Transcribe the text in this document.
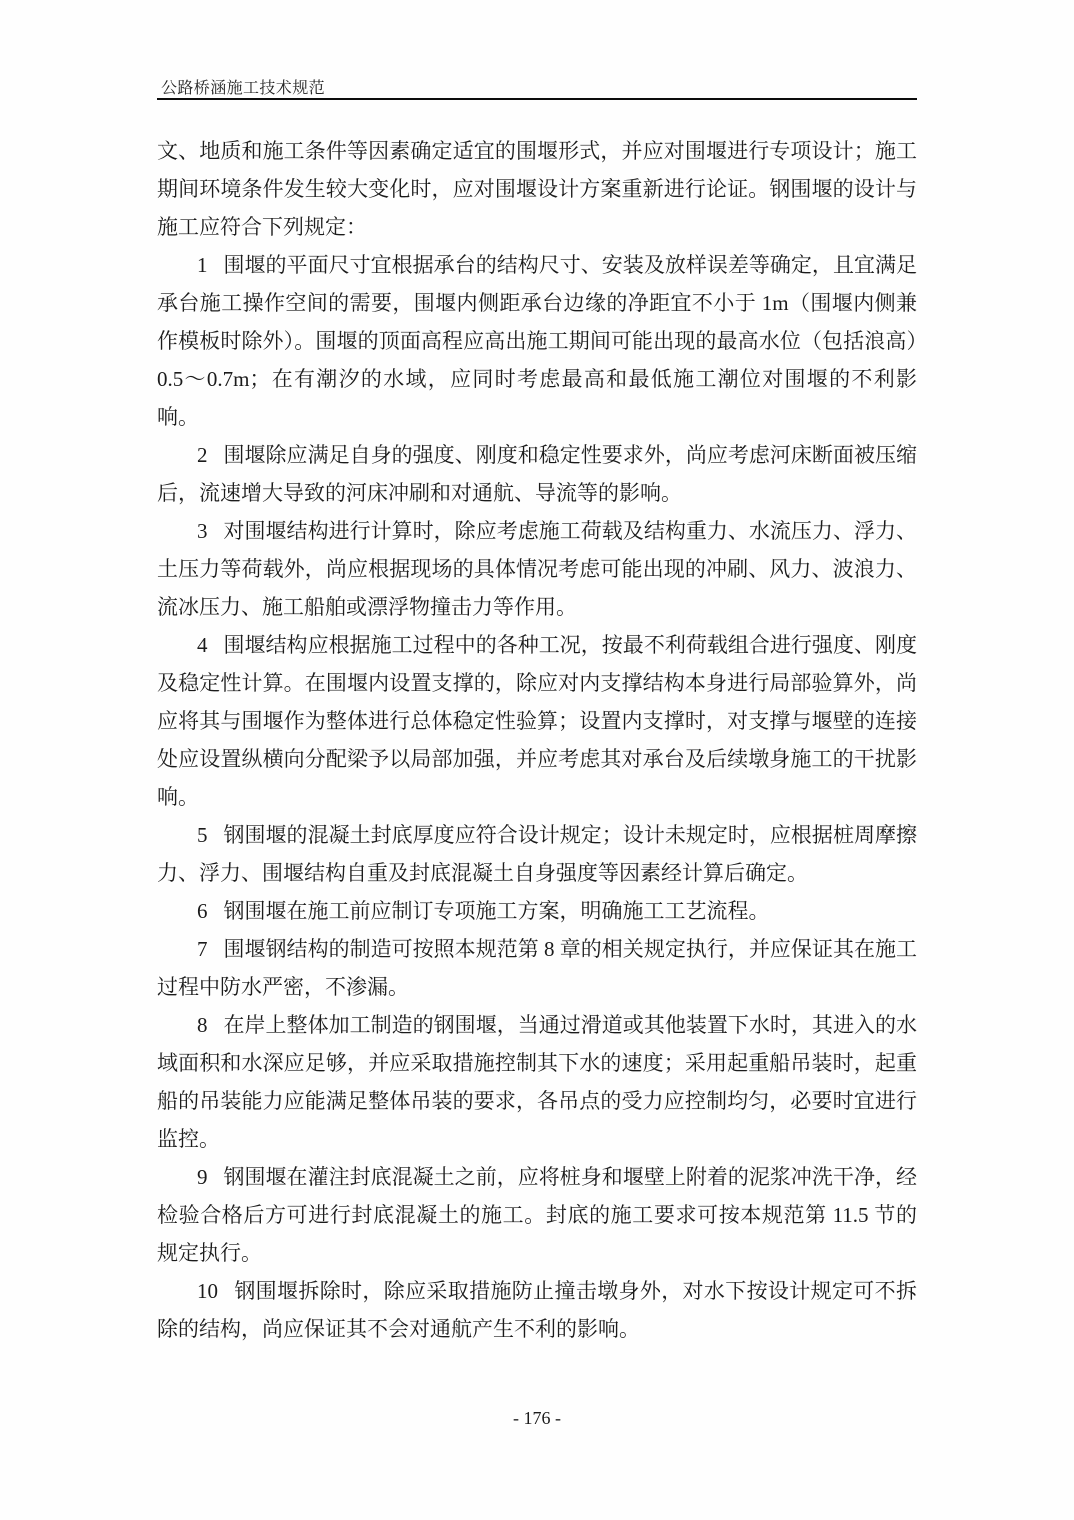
公路桥涵施工技术规范

文、地质和施工条件等因素确定适宜的围堰形式，并应对围堰进行专项设计；施工期间环境条件发生较大变化时，应对围堰设计方案重新进行论证。钢围堰的设计与施工应符合下列规定：

1 围堰的平面尺寸宜根据承台的结构尺寸、安装及放样误差等确定，且宜满足承台施工操作空间的需要，围堰内侧距承台边缘的净距宜不小于 1m（围堰内侧兼作模板时除外）。围堰的顶面高程应高出施工期间可能出现的最高水位（包括浪高）0.5～0.7m；在有潮汐的水域，应同时考虑最高和最低施工潮位对围堰的不利影响。

2 围堰除应满足自身的强度、刚度和稳定性要求外，尚应考虑河床断面被压缩后，流速增大导致的河床冲刷和对通航、导流等的影响。

3 对围堰结构进行计算时，除应考虑施工荷载及结构重力、水流压力、浮力、土压力等荷载外，尚应根据现场的具体情况考虑可能出现的冲刷、风力、波浪力、流冰压力、施工船舶或漂浮物撞击力等作用。

4 围堰结构应根据施工过程中的各种工况，按最不利荷载组合进行强度、刚度及稳定性计算。在围堰内设置支撑的，除应对内支撑结构本身进行局部验算外，尚应将其与围堰作为整体进行总体稳定性验算；设置内支撑时，对支撑与堰壁的连接处应设置纵横向分配梁予以局部加强，并应考虑其对承台及后续墩身施工的干扰影响。

5 钢围堰的混凝土封底厚度应符合设计规定；设计未规定时，应根据桩周摩擦力、浮力、围堰结构自重及封底混凝土自身强度等因素经计算后确定。

6 钢围堰在施工前应制订专项施工方案，明确施工工艺流程。

7 围堰钢结构的制造可按照本规范第 8 章的相关规定执行，并应保证其在施工过程中防水严密，不渗漏。

8 在岸上整体加工制造的钢围堰，当通过滑道或其他装置下水时，其进入的水域面积和水深应足够，并应采取措施控制其下水的速度；采用起重船吊装时，起重船的吊装能力应能满足整体吊装的要求，各吊点的受力应控制均匀，必要时宜进行监控。

9 钢围堰在灌注封底混凝土之前，应将桩身和堰壁上附着的泥浆冲洗干净，经检验合格后方可进行封底混凝土的施工。封底的施工要求可按本规范第 11.5 节的规定执行。

10 钢围堰拆除时，除应采取措施防止撞击墩身外，对水下按设计规定可不拆除的结构，尚应保证其不会对通航产生不利的影响。

- 176 -
